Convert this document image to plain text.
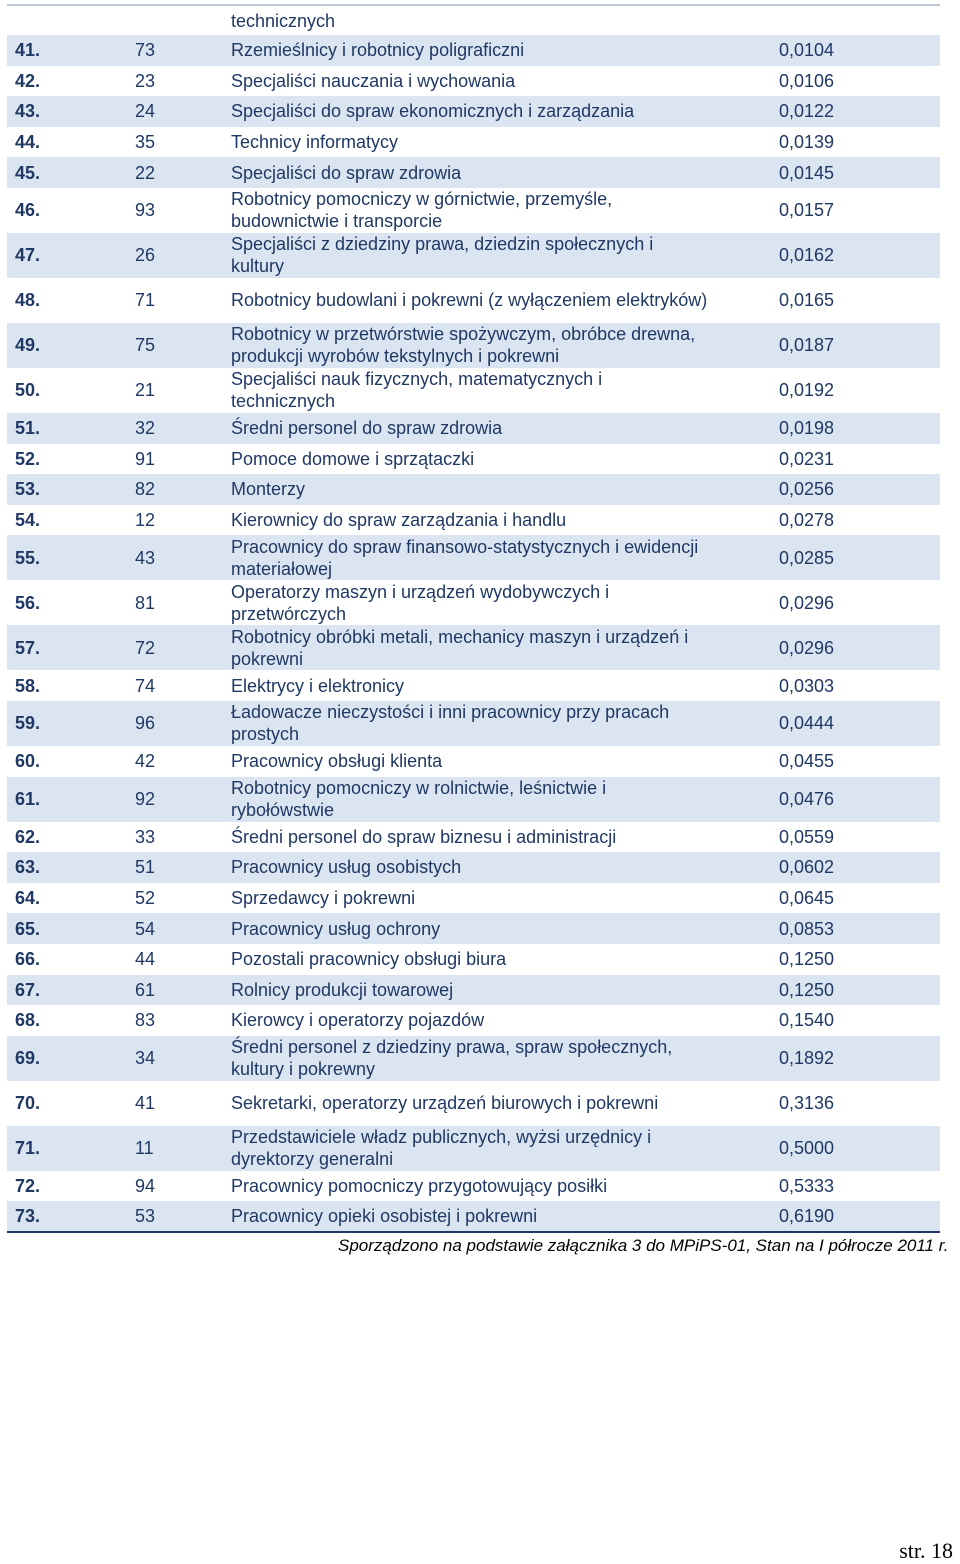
		technicznych	
41.	73	Rzemieślnicy i robotnicy poligraficzni	0,0104
42.	23	Specjaliści nauczania i wychowania	0,0106
43.	24	Specjaliści do spraw ekonomicznych i zarządzania	0,0122
44.	35	Technicy informatycy	0,0139
45.	22	Specjaliści do spraw zdrowia	0,0145
46.	93	Robotnicy pomocniczy w górnictwie, przemyśle, budownictwie i transporcie	0,0157
47.	26	Specjaliści z dziedziny prawa, dziedzin społecznych i kultury	0,0162
48.	71	Robotnicy budowlani i pokrewni (z wyłączeniem elektryków)	0,0165
49.	75	Robotnicy w przetwórstwie spożywczym, obróbce drewna, produkcji wyrobów tekstylnych i pokrewni	0,0187
50.	21	Specjaliści nauk fizycznych, matematycznych i technicznych	0,0192
51.	32	Średni personel do spraw zdrowia	0,0198
52.	91	Pomoce domowe i sprzątaczki	0,0231
53.	82	Monterzy	0,0256
54.	12	Kierownicy do spraw zarządzania i handlu	0,0278
55.	43	Pracownicy do spraw finansowo-statystycznych i ewidencji materiałowej	0,0285
56.	81	Operatorzy maszyn i urządzeń wydobywczych i przetwórczych	0,0296
57.	72	Robotnicy obróbki metali, mechanicy maszyn i urządzeń i pokrewni	0,0296
58.	74	Elektrycy i elektronicy	0,0303
59.	96	Ładowacze nieczystości i inni pracownicy przy pracach prostych	0,0444
60.	42	Pracownicy obsługi klienta	0,0455
61.	92	Robotnicy pomocniczy w rolnictwie, leśnictwie i rybołówstwie	0,0476
62.	33	Średni personel do spraw biznesu i administracji	0,0559
63.	51	Pracownicy usług osobistych	0,0602
64.	52	Sprzedawcy i pokrewni	0,0645
65.	54	Pracownicy usług ochrony	0,0853
66.	44	Pozostali pracownicy obsługi biura	0,1250
67.	61	Rolnicy produkcji towarowej	0,1250
68.	83	Kierowcy i operatorzy pojazdów	0,1540
69.	34	Średni personel z dziedziny prawa, spraw społecznych, kultury i pokrewny	0,1892
70.	41	Sekretarki, operatorzy urządzeń biurowych i pokrewni	0,3136
71.	11	Przedstawiciele władz publicznych, wyżsi urzędnicy i dyrektorzy generalni	0,5000
72.	94	Pracownicy pomocniczy przygotowujący posiłki	0,5333
73.	53	Pracownicy opieki osobistej i pokrewni	0,6190
Sporządzono na podstawie załącznika 3 do MPiPS-01, Stan na I półrocze 2011 r.
str. 18
